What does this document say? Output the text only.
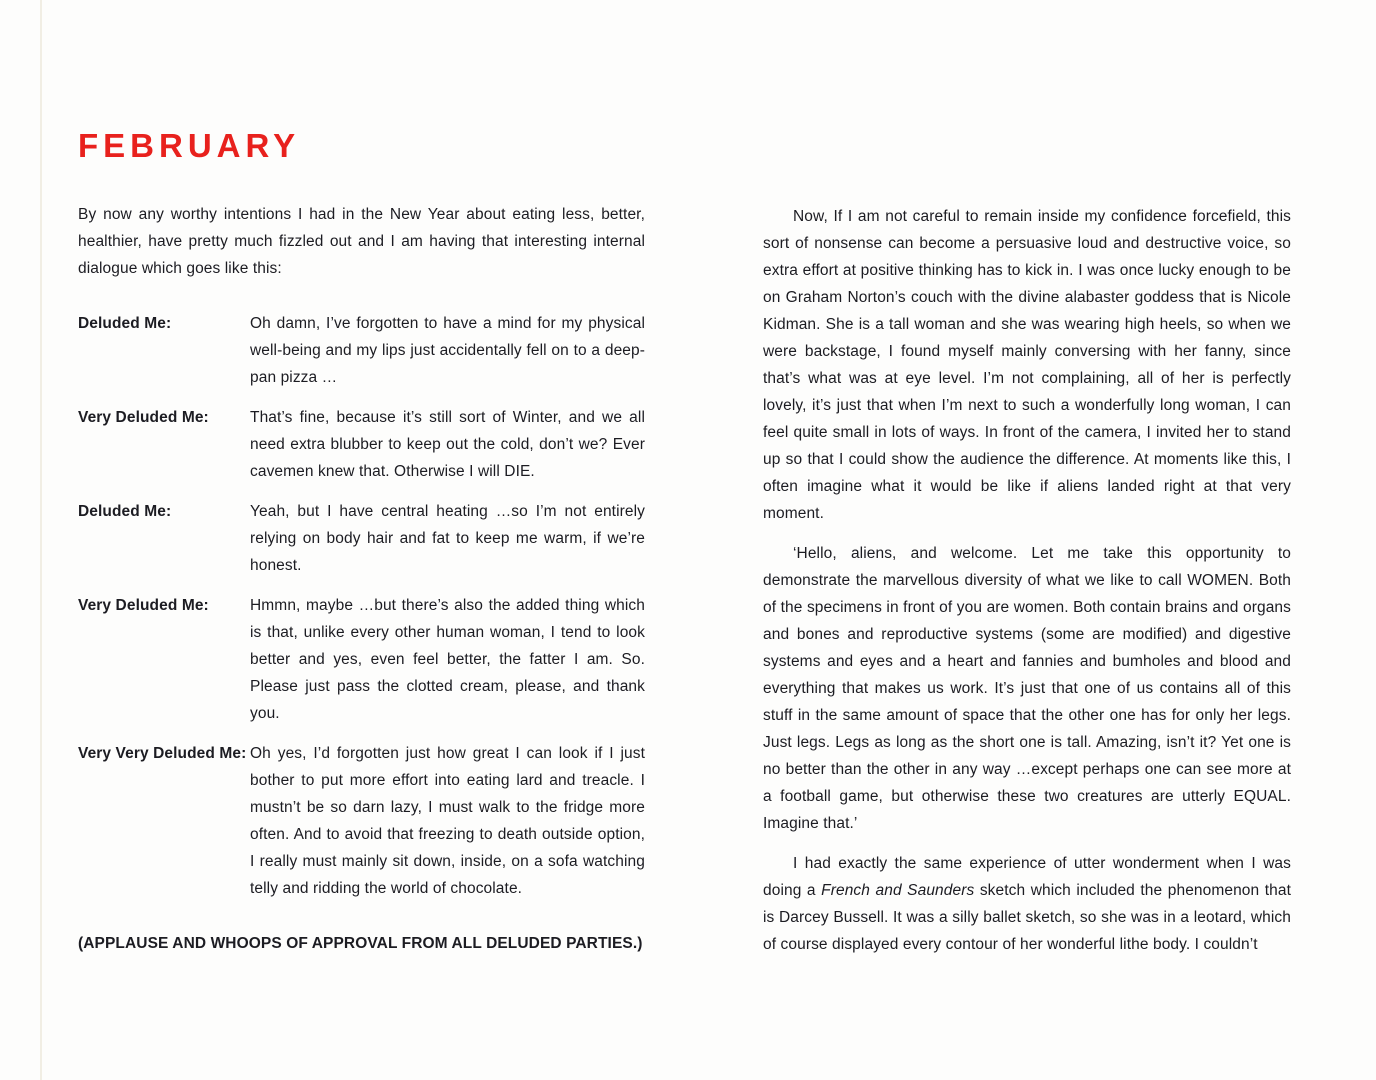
FEBRUARY

By now any worthy intentions I had in the New Year about eating less, better, healthier, have pretty much fizzled out and I am having that interesting internal dialogue which goes like this:

Deluded Me:	Oh damn, I’ve forgotten to have a mind for my physical well-being and my lips just accidentally fell on to a deep-pan pizza …
Very Deluded Me:	That’s fine, because it’s still sort of Winter, and we all need extra blubber to keep out the cold, don’t we? Ever cavemen knew that. Otherwise I will DIE.
Deluded Me:	Yeah, but I have central heating …so I’m not entirely relying on body hair and fat to keep me warm, if we’re honest.
Very Deluded Me:	Hmmn, maybe …but there’s also the added thing which is that, unlike every other human woman, I tend to look better and yes, even feel better, the fatter I am. So. Please just pass the clotted cream, please, and thank you.
Very Very Deluded Me: Oh yes, I’d forgotten just how great I can look if I just bother to put more effort into eating lard and treacle. I mustn’t be so darn lazy, I must walk to the fridge more often. And to avoid that freezing to death outside option, I really must mainly sit down, inside, on a sofa watching telly and ridding the world of chocolate.

(APPLAUSE AND WHOOPS OF APPROVAL FROM ALL DELUDED PARTIES.)

Now, If I am not careful to remain inside my confidence forcefield, this sort of nonsense can become a persuasive loud and destructive voice, so extra effort at positive thinking has to kick in. I was once lucky enough to be on Graham Norton’s couch with the divine alabaster goddess that is Nicole Kidman. She is a tall woman and she was wearing high heels, so when we were backstage, I found myself mainly conversing with her fanny, since that’s what was at eye level. I’m not complaining, all of her is perfectly lovely, it’s just that when I’m next to such a wonderfully long woman, I can feel quite small in lots of ways. In front of the camera, I invited her to stand up so that I could show the audience the difference. At moments like this, I often imagine what it would be like if aliens landed right at that very moment.

‘Hello, aliens, and welcome. Let me take this opportunity to demonstrate the marvellous diversity of what we like to call WOMEN. Both of the specimens in front of you are women. Both contain brains and organs and bones and reproductive systems (some are modified) and digestive systems and eyes and a heart and fannies and bumholes and blood and everything that makes us work. It’s just that one of us contains all of this stuff in the same amount of space that the other one has for only her legs. Just legs. Legs as long as the short one is tall. Amazing, isn’t it? Yet one is no better than the other in any way …except perhaps one can see more at a football game, but otherwise these two creatures are utterly EQUAL. Imagine that.’

I had exactly the same experience of utter wonderment when I was doing a French and Saunders sketch which included the phenomenon that is Darcey Bussell. It was a silly ballet sketch, so she was in a leotard, which of course displayed every contour of her wonderful lithe body. I couldn’t
